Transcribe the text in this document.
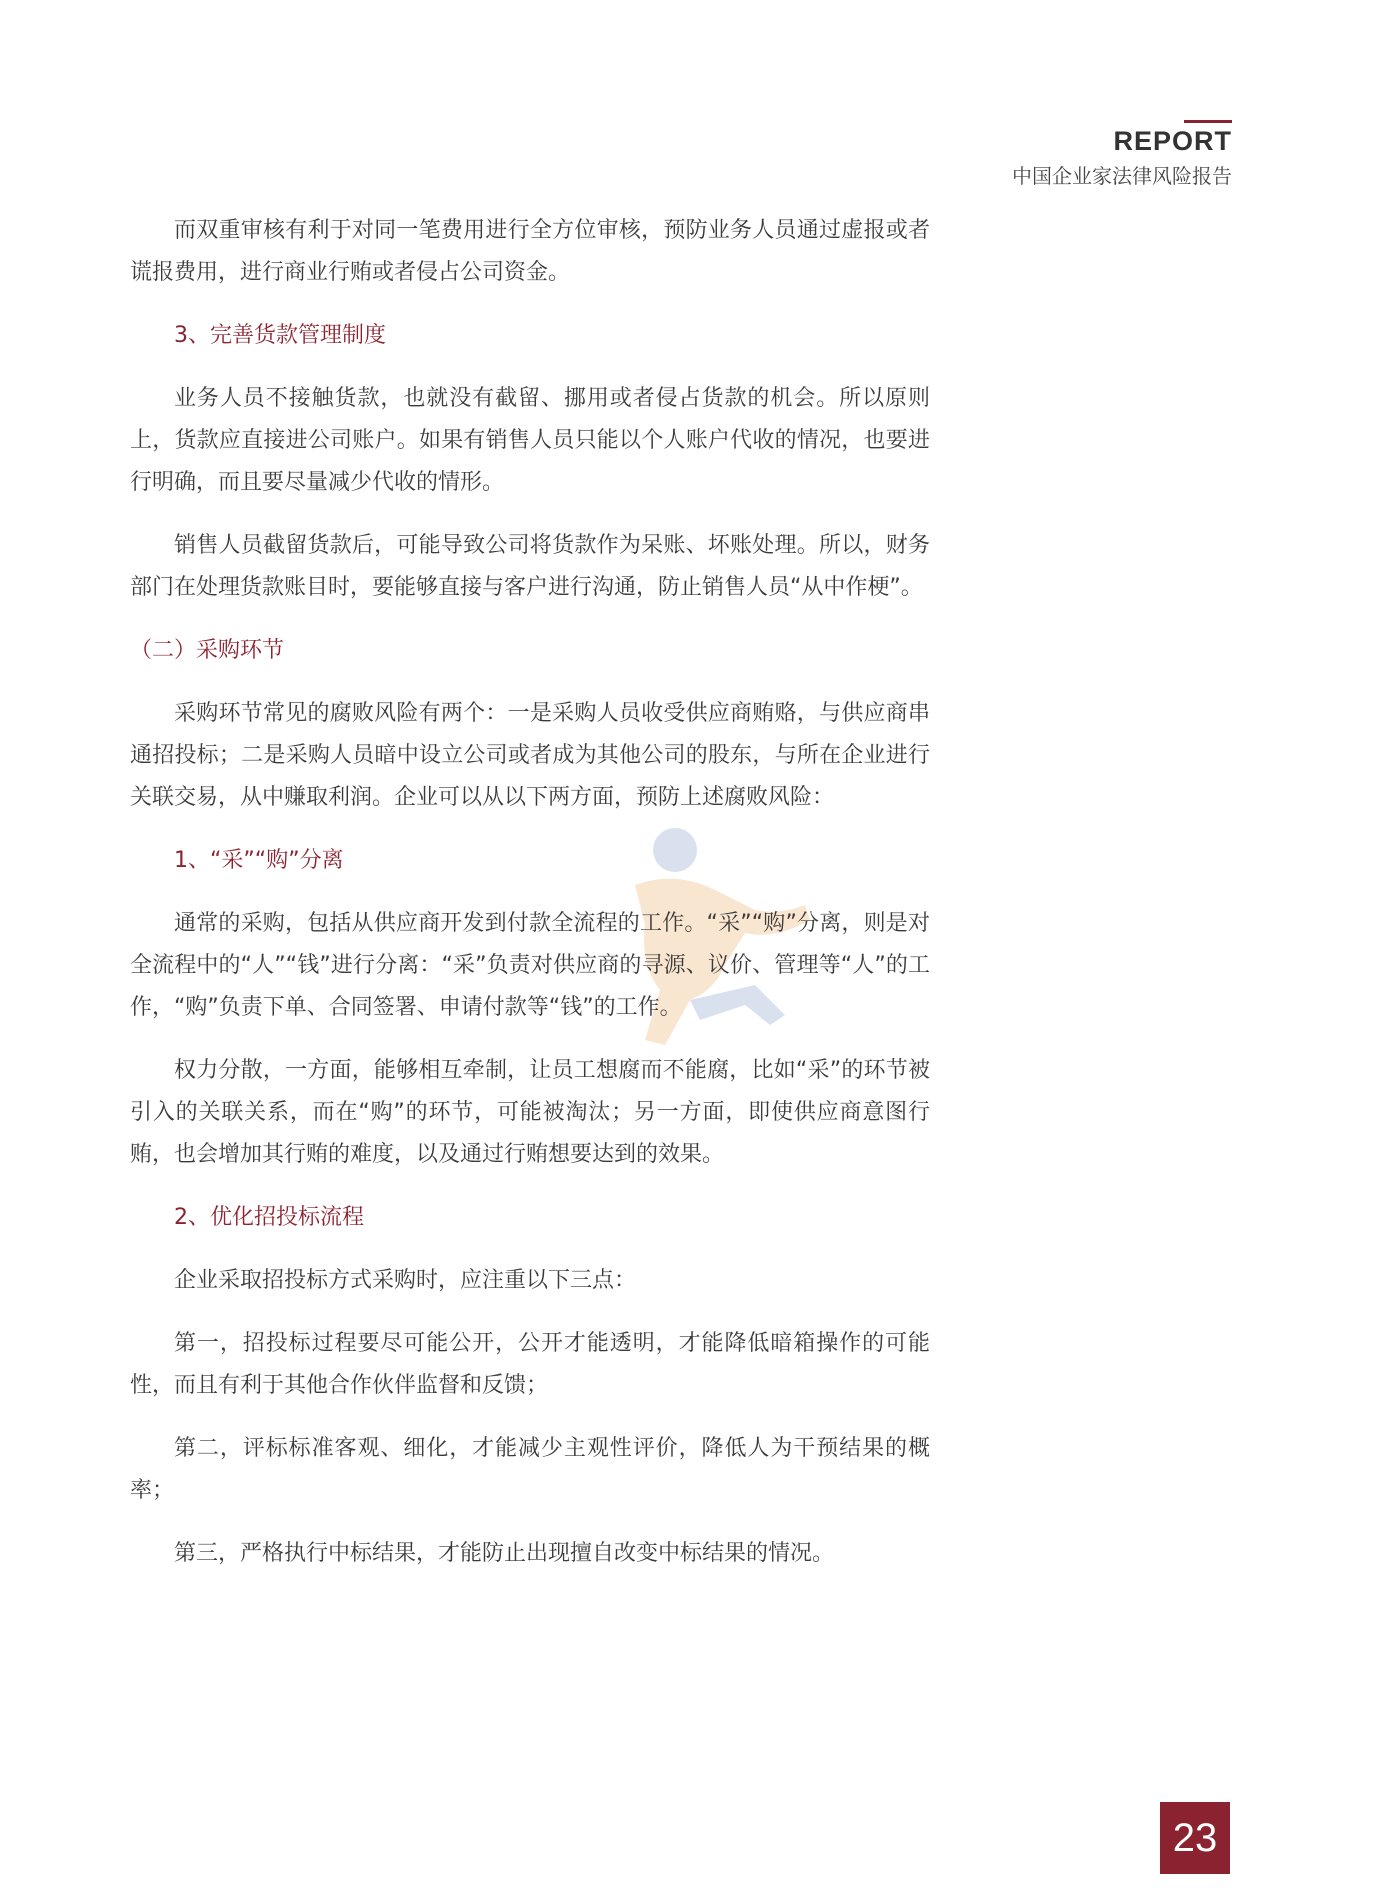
REPORT
中国企业家法律风险报告

而双重审核有利于对同一笔费用进行全方位审核，预防业务人员通过虚报或者谎报费用，进行商业行贿或者侵占公司资金。

3、完善货款管理制度

业务人员不接触货款，也就没有截留、挪用或者侵占货款的机会。所以原则上，货款应直接进公司账户。如果有销售人员只能以个人账户代收的情况，也要进行明确，而且要尽量减少代收的情形。

销售人员截留货款后，可能导致公司将货款作为呆账、坏账处理。所以，财务部门在处理货款账目时，要能够直接与客户进行沟通，防止销售人员“从中作梗”。

（二）采购环节

采购环节常见的腐败风险有两个：一是采购人员收受供应商贿赂，与供应商串通招投标；二是采购人员暗中设立公司或者成为其他公司的股东，与所在企业进行关联交易，从中赚取利润。企业可以从以下两方面，预防上述腐败风险：

1、“采”“购”分离

通常的采购，包括从供应商开发到付款全流程的工作。“采”“购”分离，则是对全流程中的“人”“钱”进行分离：“采”负责对供应商的寻源、议价、管理等“人”的工作，“购”负责下单、合同签署、申请付款等“钱”的工作。

权力分散，一方面，能够相互牵制，让员工想腐而不能腐，比如“采”的环节被引入的关联关系，而在“购”的环节，可能被淘汰；另一方面，即使供应商意图行贿，也会增加其行贿的难度，以及通过行贿想要达到的效果。

2、优化招投标流程

企业采取招投标方式采购时，应注重以下三点：

第一，招投标过程要尽可能公开，公开才能透明，才能降低暗箱操作的可能性，而且有利于其他合作伙伴监督和反馈；

第二，评标标准客观、细化，才能减少主观性评价，降低人为干预结果的概率；

第三，严格执行中标结果，才能防止出现擅自改变中标结果的情况。

23
